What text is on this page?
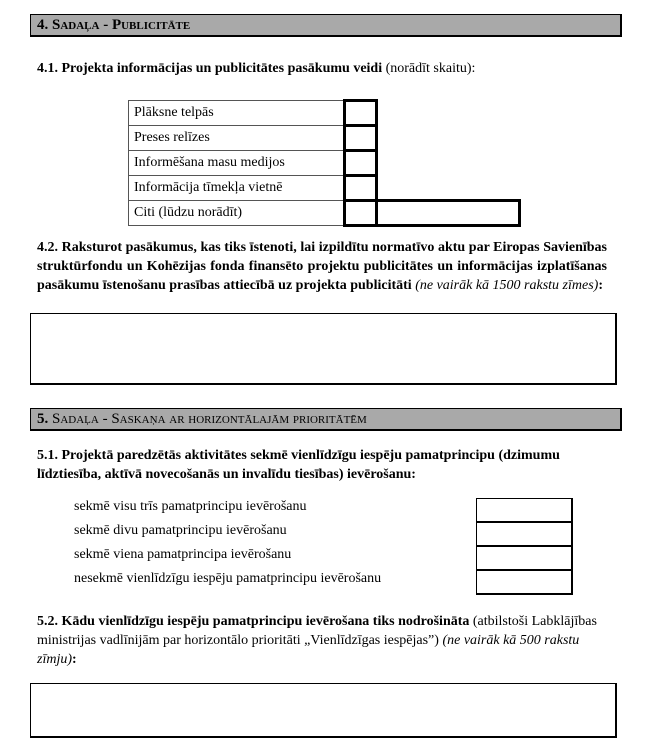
4. Sadaļa - Publicitāte
4.1. Projekta informācijas un publicitātes pasākumu veidi (norādīt skaitu):
Plāksne telpās		
Preses relīzes		
Informēšana masu medijos		
Informācija tīmekļa vietnē		
Citi (lūdzu norādīt)		
4.2. Raksturot pasākumus, kas tiks īstenoti, lai izpildītu normatīvo aktu par Eiropas Savienības struktūrfondu un Kohēzijas fonda finansēto projektu publicitātes un informācijas izplatīšanas pasākumu īstenošanu prasības attiecībā uz projekta publicitāti (ne vairāk kā 1500 rakstu zīmes):
5. Sadaļa - Saskaņa ar horizontālajām prioritātēm
5.1. Projektā paredzētās aktivitātes sekmē vienlīdzīgu iespēju pamatprincipu (dzimumu līdztiesība, aktīvā novecošanās un invalīdu tiesības) ievērošanu:
sekmē visu trīs pamatprincipu ievērošanu
sekmē divu pamatprincipu ievērošanu
sekmē viena pamatprincipa ievērošanu
nesekmē vienlīdzīgu iespēju pamatprincipu ievērošanu
5.2. Kādu vienlīdzīgu iespēju pamatprincipu ievērošana tiks nodrošināta (atbilstoši Labklājības ministrijas vadlīnijām par horizontālo prioritāti „Vienlīdzīgas iespējas”) (ne vairāk kā 500 rakstu zīmju):
